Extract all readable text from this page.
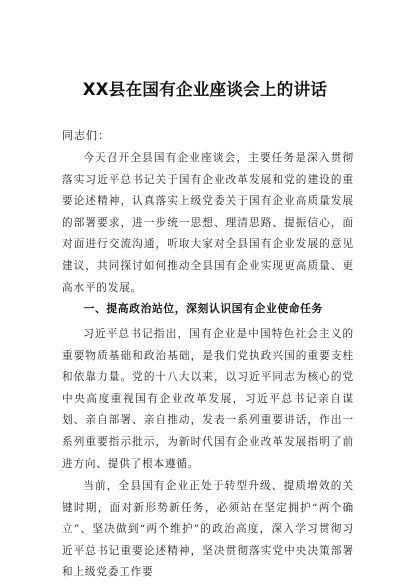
XX县在国有企业座谈会上的讲话
同志们：
今天召开全县国有企业座谈会，主要任务是深入贯彻落实习近平总书记关于国有企业改革发展和党的建设的重要论述精神，认真落实上级党委关于国有企业高质量发展的部署要求，进一步统一思想、理清思路、提振信心，面对面进行交流沟通，听取大家对全县国有企业发展的意见建议，共同探讨如何推动全县国有企业实现更高质量、更高水平的发展。
一、提高政治站位，深刻认识国有企业使命任务
习近平总书记指出，国有企业是中国特色社会主义的重要物质基础和政治基础，是我们党执政兴国的重要支柱和依靠力量。党的十八大以来，以习近平同志为核心的党中央高度重视国有企业改革发展，习近平总书记亲自谋划、亲自部署、亲自推动，发表一系列重要讲话，作出一系列重要指示批示，为新时代国有企业改革发展指明了前进方向、提供了根本遵循。
当前，全县国有企业正处于转型升级、提质增效的关键时期，面对新形势新任务，必须站在坚定拥护“两个确立”、坚决做到“两个维护”的政治高度，深入学习贯彻习近平总书记重要论述精神，坚决贯彻落实党中央决策部署和上级党委工作要
